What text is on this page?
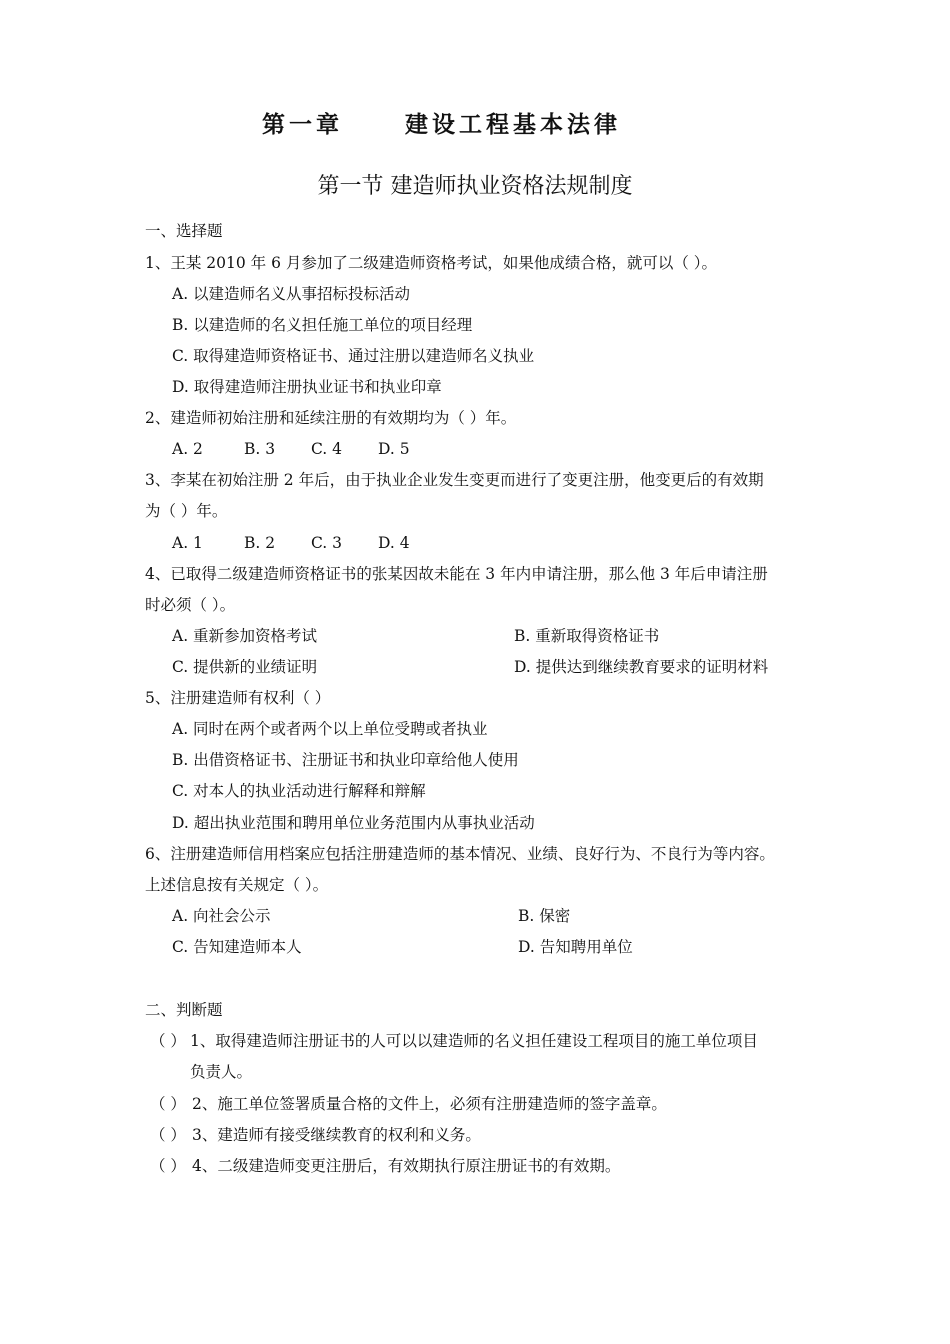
第一章	建设工程基本法律
第一节 建造师执业资格法规制度
一、选择题
1、王某 2010 年 6 月参加了二级建造师资格考试，如果他成绩合格，就可以（ ）。
A. 以建造师名义从事招标投标活动
B. 以建造师的名义担任施工单位的项目经理
C. 取得建造师资格证书、通过注册以建造师名义执业
D. 取得建造师注册执业证书和执业印章
2、建造师初始注册和延续注册的有效期均为（ ）年。
A. 2	B. 3 C. 4 D. 5
3、李某在初始注册 2 年后，由于执业企业发生变更而进行了变更注册，他变更后的有效期
为（ ）年。
A. 1	B. 2 C. 3 D. 4
4、已取得二级建造师资格证书的张某因故未能在 3 年内申请注册，那么他 3 年后申请注册
时必须（ ）。
A. 重新参加资格考试	B. 重新取得资格证书
C. 提供新的业绩证明	D. 提供达到继续教育要求的证明材料
5、注册建造师有权利（ ）
A. 同时在两个或者两个以上单位受聘或者执业
B. 出借资格证书、注册证书和执业印章给他人使用
C. 对本人的执业活动进行解释和辩解
D. 超出执业范围和聘用单位业务范围内从事执业活动
6、注册建造师信用档案应包括注册建造师的基本情况、业绩、良好行为、不良行为等内容。
上述信息按有关规定（ ）。
A. 向社会公示	B. 保密
C. 告知建造师本人	D. 告知聘用单位
二、判断题
（ ） 1、取得建造师注册证书的人可以以建造师的名义担任建设工程项目的施工单位项目
负责人。
（ ） 2、施工单位签署质量合格的文件上，必须有注册建造师的签字盖章。
（ ） 3、建造师有接受继续教育的权利和义务。
（ ） 4、二级建造师变更注册后，有效期执行原注册证书的有效期。
